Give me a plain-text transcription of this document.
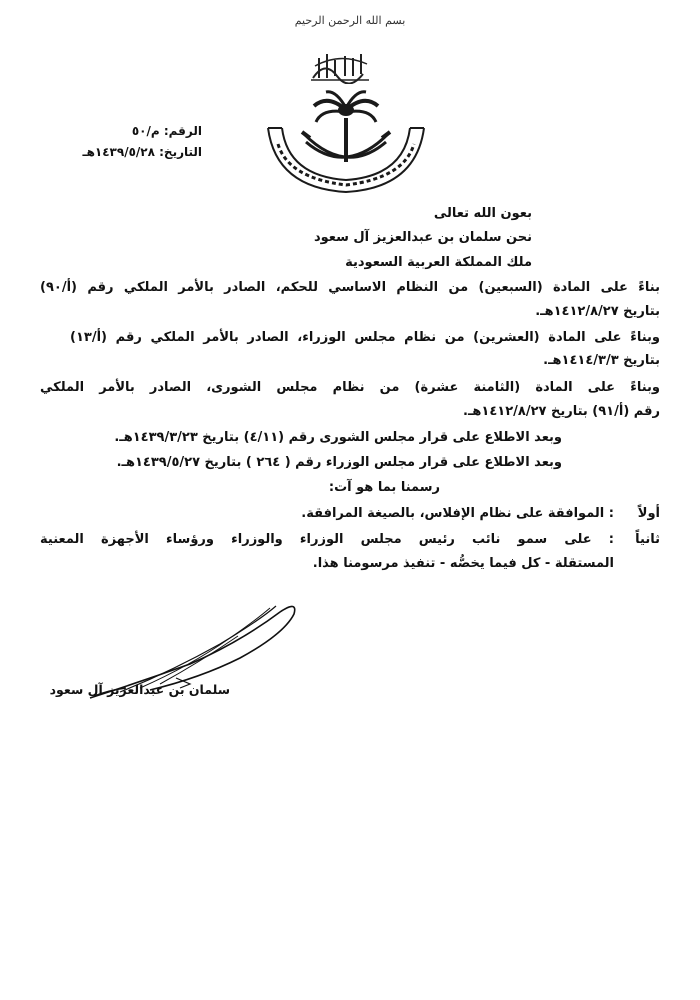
بسم الله الرحمن الرحيم
الرقم: م/٥٠
التاريخ: ١٤٣٩/٥/٢٨هـ
بعون الله تعالى
نحن سلمان بن عبدالعزيز آل سعود
ملك المملكة العربية السعودية
بناءً على المادة (السبعين) من النظام الاساسي للحكم، الصادر بالأمر الملكي رقم (أ/٩٠)
بتاريخ ١٤١٢/٨/٢٧هـ.
وبناءً على المادة (العشرين) من نظام مجلس الوزراء، الصادر بالأمر الملكي رقم (أ/١٣)
بتاريخ ١٤١٤/٣/٣هـ.
وبناءً على المادة (الثامنة عشرة) من نظام مجلس الشورى، الصادر بالأمر الملكي
رقم (أ/٩١) بتاريخ ١٤١٢/٨/٢٧هـ.
وبعد الاطلاع على قرار مجلس الشورى رقم (٤/١١) بتاريخ ١٤٣٩/٣/٢٣هـ.
وبعد الاطلاع على قرار مجلس الوزراء رقم ( ٢٦٤ ) بتاريخ ١٤٣٩/٥/٢٧هـ.
رسمنا بما هو آت:
أولاً
: الموافقة على نظام الإفلاس، بالصيغة المرافقة.
ثانياً
: على سمو نائب رئيس مجلس الوزراء والوزراء ورؤساء الأجهزة المعنية
المستقلة - كل فيما يخصُّه - تنفيذ مرسومنا هذا.
سلمان بن عبدالعزيز آل سعود
